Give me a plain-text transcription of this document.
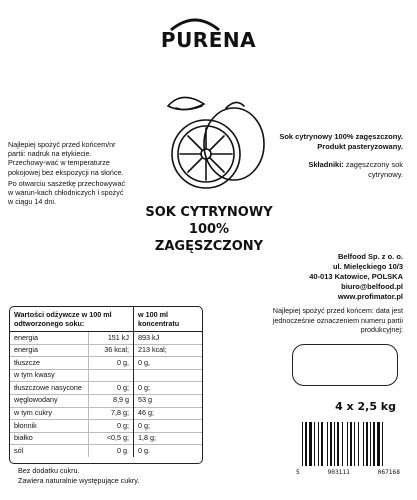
PURENA

Najlepiej spożyć przed końcem/nr partii: nadruk na etykiecie. Przechowy-wać w temperaturze pokojowej bez ekspozycji na słońce.

Po otwarciu saszetkę przechowywać w warun-kach chłodniczych i spożyć w ciągu 14 dni.

Sok cytrynowy 100% zagęszczony.
Produkt pasteryzowany.
Składniki: zagęszczony sok cytrynowy.
SOK CYTRYNOWY
100%
ZAGĘSZCZONY
Belfood Sp. z o. o.
ul. Mielęckiego 10/3
40-013 Katowice, POLSKA
biuro@belfood.pl
www.profimator.pl
Wartości odżywcze w 100 ml odtworzonego soku:		w 100 ml koncentratu
energia	151 kJ	893 kJ
energia	36 kcal;	213 kcal;
tłuszcze	0 g,	0 g,
w tym kwasy		
tłuszczowe nasycone	0 g;	0 g;
węglowodany	8,9 g	53 g
w tym cukry	7,8 g;	46 g;
błonnik	0 g;	0 g;
białko	<0,5 g;	1,8 g;
sól	0 g.	0 g.
Bez dodatku cukru.
Zawiera naturalnie występujące cukry.
Najlepiej spożyć przed końcem: data jest jednocześnie oznaczeniem numeru partii produkcyjnej:
4 x 2,5 kg
5	903111	067168
